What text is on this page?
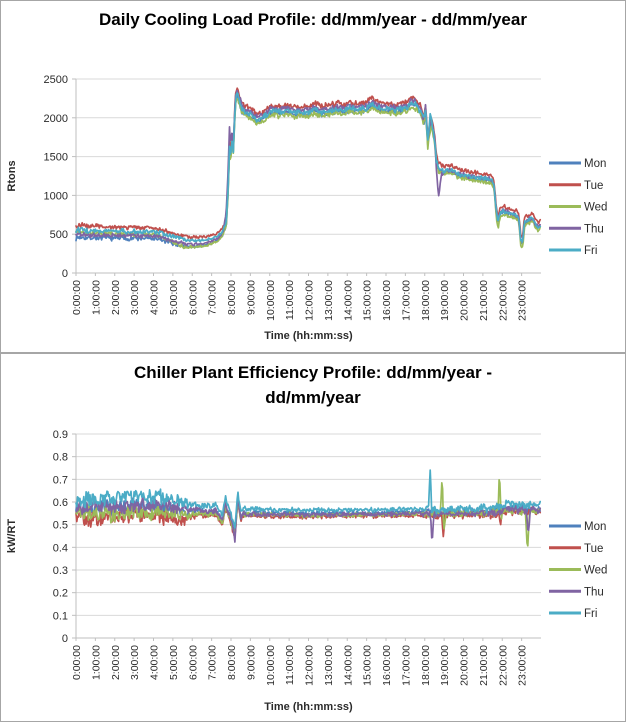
Daily Cooling Load Profile: dd/mm/year - dd/mm/year
0
500
1000
1500
2000
2500
0:00:00 1:00:00 2:00:00 3:00:00 4:00:00 5:00:00 6:00:00 7:00:00 8:00:00 9:00:00 10:00:00 11:00:00 12:00:00 13:00:00 14:00:00 15:00:00 16:00:00 17:00:00 18:00:00 19:00:00 20:00:00 21:00:00 22:00:00 23:00:00
Time (hh:mm:ss)
Rtons	Mon
Tue
Wed
Thu
Fri
Chiller Plant Efficiency Profile: dd/mm/year - dd/mm/year
0
0.1
0.2
0.3
0.4
0.5
0.6
0.7
0.8
0.9
0:00:00 1:00:00 2:00:00 3:00:00 4:00:00 5:00:00 6:00:00 7:00:00 8:00:00 9:00:00 10:00:00 11:00:00 12:00:00 13:00:00 14:00:00 15:00:00 16:00:00 17:00:00 18:00:00 19:00:00 20:00:00 21:00:00 22:00:00 23:00:00
Time (hh:mm:ss)
kW/RT	Mon
Tue
Wed
Thu
Fri
